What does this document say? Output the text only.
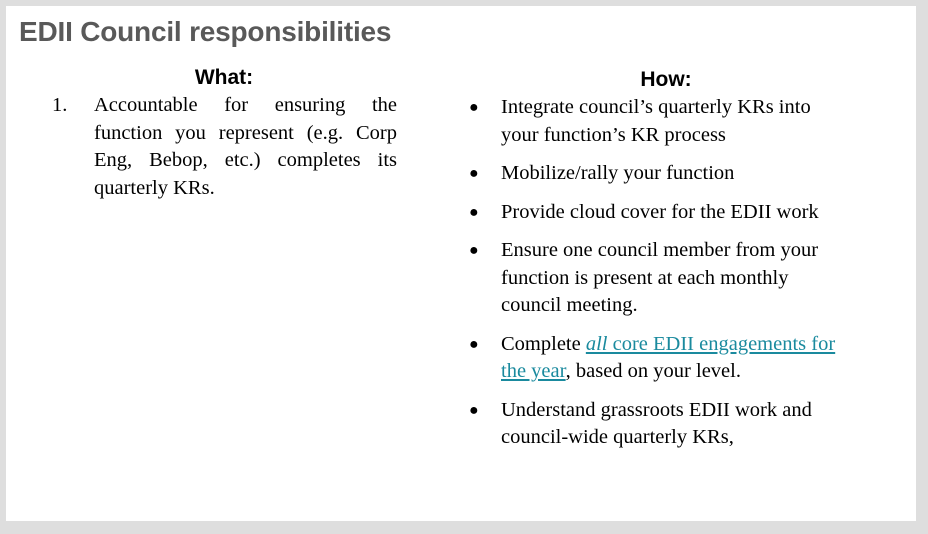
EDII Council responsibilities
What:
1. Accountable for ensuring the function you represent (e.g. Corp Eng, Bebop, etc.) completes its quarterly KRs.
How:
● Integrate council’s quarterly KRs into your function’s KR process
● Mobilize/rally your function
● Provide cloud cover for the EDII work
● Ensure one council member from your function is present at each monthly council meeting.
● Complete all core EDII engagements for the year, based on your level.
● Understand grassroots EDII work and council-wide quarterly KRs,
